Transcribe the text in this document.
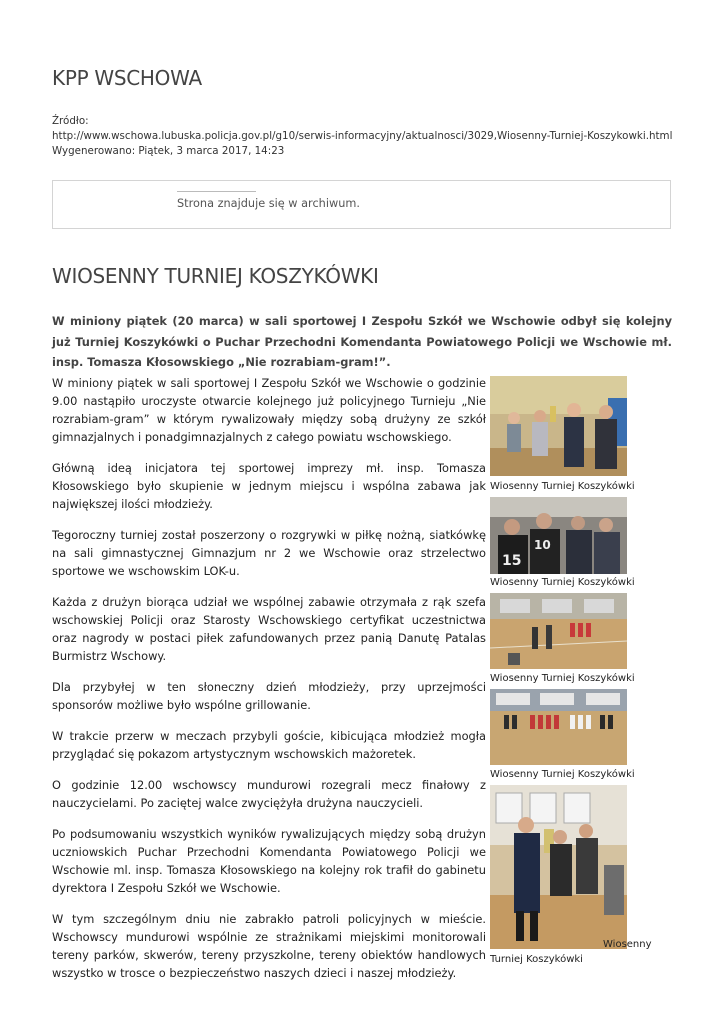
KPP WSCHOWA
Źródło:
http://www.wschowa.lubuska.policja.gov.pl/g10/serwis-informacyjny/aktualnosci/3029,Wiosenny-Turniej-Koszykowki.html
Wygenerowano: Piątek, 3 marca 2017, 14:23
Strona znajduje się w archiwum.
WIOSENNY TURNIEJ KOSZYKÓWKI
W miniony piątek (20 marca) w sali sportowej I Zespołu Szkół we Wschowie odbył się kolejny już Turniej Koszykówki o Puchar Przechodni Komendanta Powiatowego Policji we Wschowie mł. insp. Tomasza Kłosowskiego „Nie rozrabiam-gram!”.

W miniony piątek w sali sportowej I Zespołu Szkół we Wschowie o godzinie 9.00 nastąpiło uroczyste otwarcie kolejnego już policyjnego Turnieju „Nie rozrabiam-gram” w którym rywalizowały między sobą drużyny ze szkół gimnazjalnych i ponadgimnazjalnych z całego powiatu wschowskiego.

Główną ideą inicjatora tej sportowej imprezy mł. insp. Tomasza Kłosowskiego było skupienie w jednym miejscu i wspólna zabawa jak największej ilości młodzieży.

Tegoroczny turniej został poszerzony o rozgrywki w piłkę nożną, siatkówkę na sali gimnastycznej Gimnazjum nr 2 we Wschowie oraz strzelectwo sportowe we wschowskim LOK-u.

Każda z drużyn biorąca udział we wspólnej zabawie otrzymała z rąk szefa wschowskiej Policji oraz Starosty Wschowskiego certyfikat uczestnictwa oraz nagrody w postaci piłek zafundowanych przez panią Danutę Patalas Burmistrz Wschowy.

Dla przybyłej w ten słoneczny dzień młodzieży, przy uprzejmości sponsorów możliwe było wspólne grillowanie.

W trakcie przerw w meczach przybyli goście, kibicująca młodzież mogła przyglądać się pokazom artystycznym wschowskich mażoretek.

O godzinie 12.00 wschowscy mundurowi rozegrali mecz finałowy z nauczycielami. Po zaciętej walce zwyciężyła drużyna nauczycieli.

Po podsumowaniu wszystkich wyników rywalizujących między sobą drużyn uczniowskich Puchar Przechodni Komendanta Powiatowego Policji we Wschowie ml. insp. Tomasza Kłosowskiego na kolejny rok trafił do gabinetu dyrektora I Zespołu Szkół we Wschowie.

W tym szczególnym dniu nie zabrakło patroli policyjnych w mieście. Wschowscy mundurowi wspólnie ze strażnikami miejskimi monitorowali tereny parków, skwerów, tereny przyszkolne, tereny obiektów handlowych wszystko w trosce o bezpieczeństwo naszych dzieci i naszej młodzieży.

Wiosenny Turniej Koszykówki
15
10
Wiosenny Turniej Koszykówki
Wiosenny Turniej Koszykówki
Wiosenny Turniej Koszykówki
Wiosenny
Turniej Koszykówki
